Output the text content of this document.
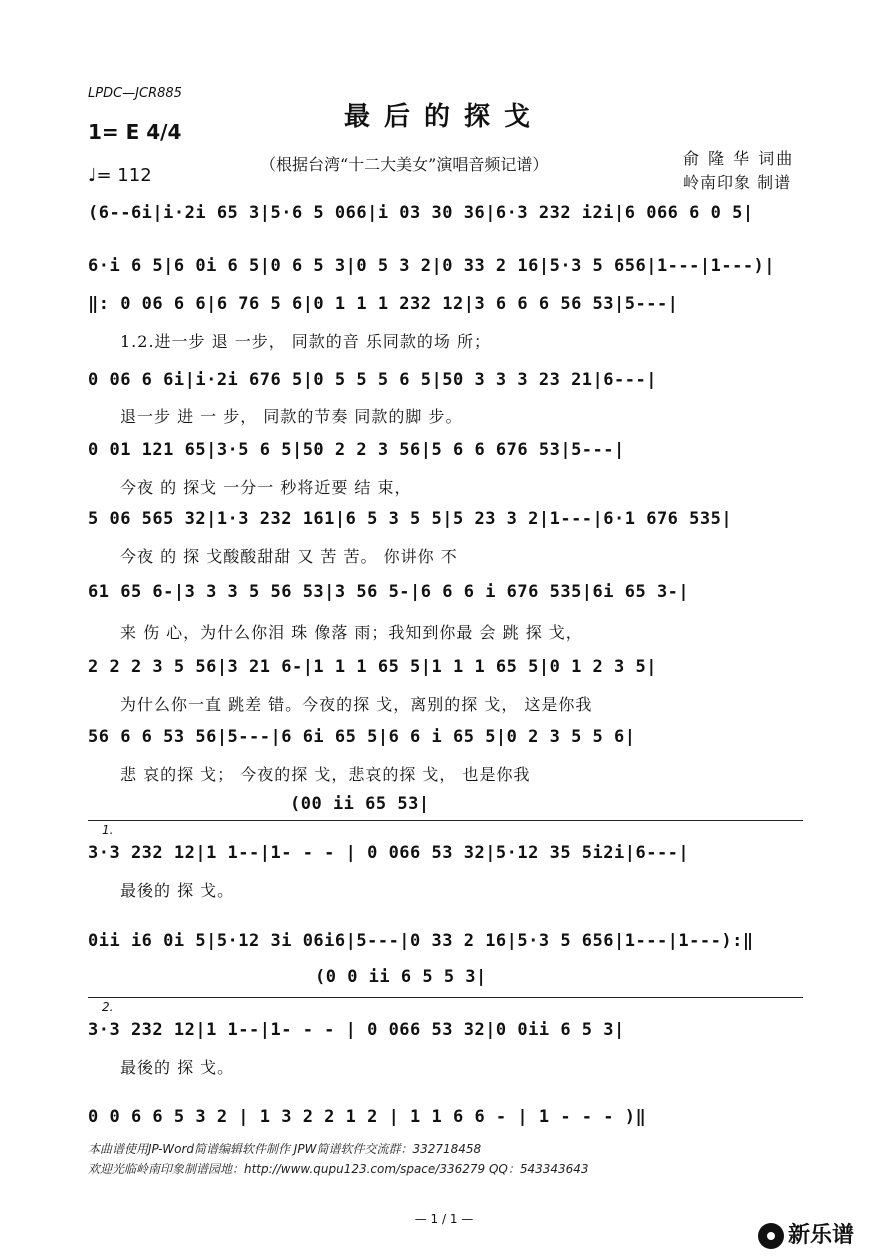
LPDC—JCR885
最后的探戈
1= E 4/4
♩= 112
（根据台湾“十二大美女”演唱音频记谱）	俞 隆 华 词曲
岭南印象 制谱
(6--6i|i·2i 65 3|5·6 5 066|i 03 30 36|6·3 232 i2i|6 066 6 0 5|
6·i 6 5|6 0i 6 5|0 6 5 3|0 5 3 2|0 33 2 16|5·3 5 656|1---|1---)|
‖: 0 06 6 6|6 76 5 6|0 1 1 1 232 12|3 6 6 6 56 53|5---|
1.2.进一步 退 一步， 同款的音 乐同款的场 所；
0 06 6 6i|i·2i 676 5|0 5 5 5 6 5|50 3 3 3 23 21|6---|
退一步 进 一 步， 同款的节奏 同款的脚 步。
0 01 121 65|3·5 6 5|50 2 2 3 56|5 6 6 676 53|5---|
今夜 的 探戈 一分一 秒将近要 结 束，
5 06 565 32|1·3 232 161|6 5 3 5 5|5 23 3 2|1---|6·1 676 535|
今夜 的 探 戈酸酸甜甜 又 苦 苦。 你讲你 不
61 65 6-|3 3 3 5 56 53|3 56 5-|6 6 6 i 676 535|6i 65 3-|
来 伤 心，为什么你泪 珠 像落 雨；我知到你最 会 跳 探 戈，
2 2 2 3 5 56|3 21 6-|1 1 1 65 5|1 1 1 65 5|0 1 2 3 5|
为什么你一直 跳差 错。今夜的探 戈，离别的探 戈， 这是你我
56 6 6 53 56|5---|6 6i 65 5|6 6 i 65 5|0 2 3 5 5 6|
悲 哀的探 戈； 今夜的探 戈，悲哀的探 戈， 也是你我
(00 ii 65 53|
1.
3·3 232 12|1 1--|1- - - | 0 066 53 32|5·12 35 5i2i|6---|
最後的 探 戈。
0ii i6 0i 5|5·12 3i 06i6|5---|0 33 2 16|5·3 5 656|1---|1---):‖
(0 0 ii 6 5 5 3|
2.
3·3 232 12|1 1--|1- - - | 0 066 53 32|0 0ii 6 5 3|
最後的 探 戈。
0 0 6 6 5 3 2 | 1 3 2 2 1 2 | 1 1 6 6 - | 1 - - - )‖
本曲谱使用JP-Word简谱编辑软件制作 JPW简谱软件交流群：332718458
欢迎光临岭南印象制谱园地：http://www.qupu123.com/space/336279 QQ：543343643
— 1 / 1 —
新乐谱
